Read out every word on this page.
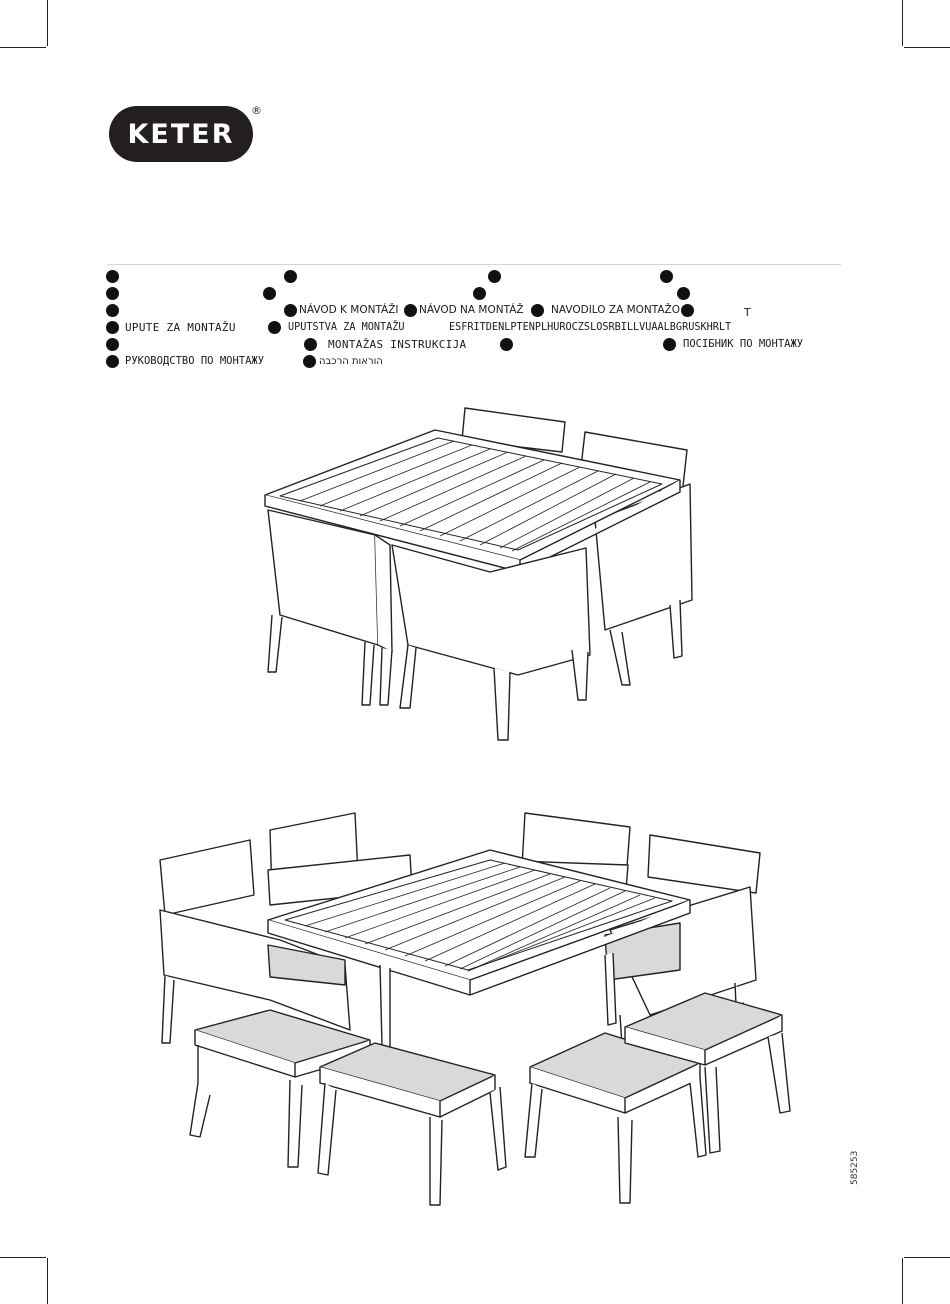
KETER
®
NÁVOD K MONTÁŽI NÁVOD NA MONTÁŽ	NAVODILO ZA MONTAŽO	T
UPUTE ZA MONTAŽU	UPUTSTVA ZA MONTAŽU	ESFRITDENLPTENPLHUROCZSLOSRBILLVUAALBGRUSKHRLT
MONTAŽAS INSTRUKCIJA	ПОСІБНИК ПО МОНТАЖУ
РУКОВОДСТВО ПО МОНТАЖУ	הוראות הרכבה
585253
